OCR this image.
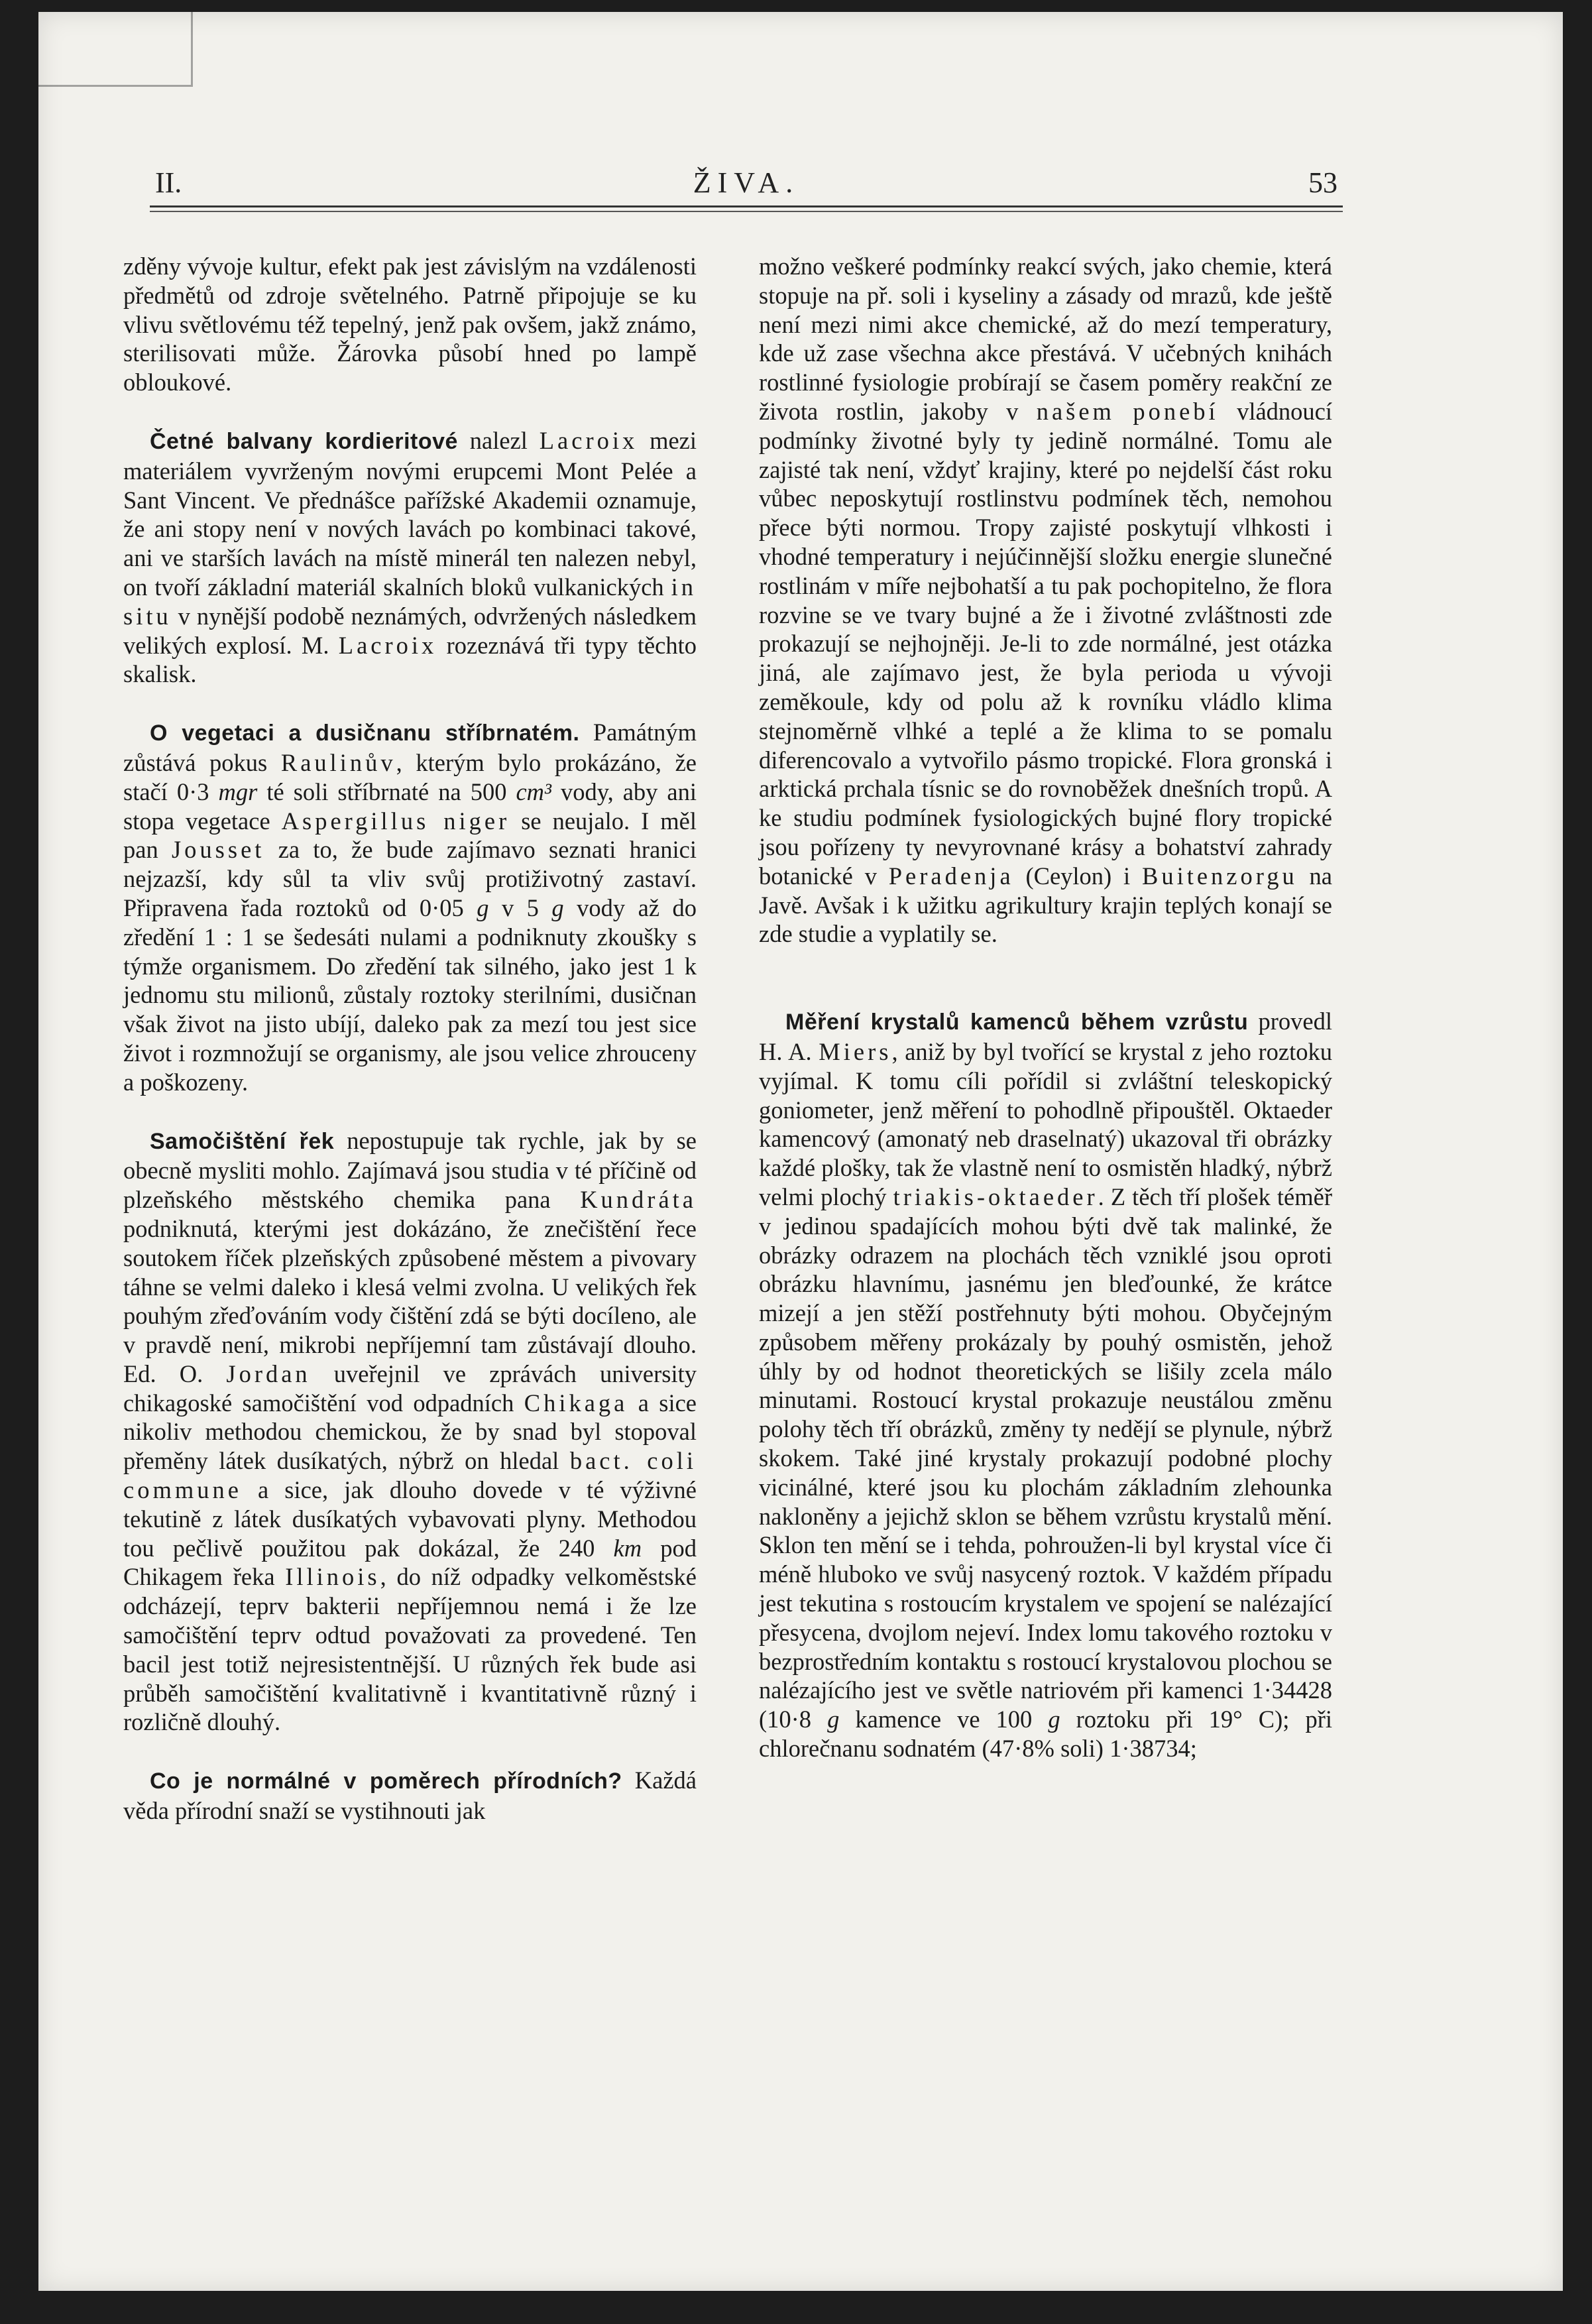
II.	ŽIVA.	53

zděny vývoje kultur, efekt pak jest závislým na vzdálenosti předmětů od zdroje světelného. Patrně připojuje se ku vlivu světlovému též tepelný, jenž pak ovšem, jakž známo, sterilisovati může. Žárovka působí hned po lampě obloukové.

Četné balvany kordieritové nalezl Lacroix mezi materiálem vyvrženým novými erupcemi Mont Pelée a Sant Vincent. Ve přednášce pařížské Akademii oznamuje, že ani stopy není v nových lavách po kombinaci takové, ani ve starších lavách na místě minerál ten nalezen nebyl, on tvoří základní materiál skalních bloků vulkanických in situ v nynější podobě neznámých, odvržených následkem velikých explosí. M. Lacroix rozeznává tři typy těchto skalisk.

O vegetaci a dusičnanu stříbrnatém. Památným zůstává pokus Raulinův, kterým bylo prokázáno, že stačí 0·3 mgr té soli stříbrnaté na 500 cm³ vody, aby ani stopa vegetace Aspergillus niger se neujalo. I měl pan Jousset za to, že bude zajímavo seznati hranici nejzazší, kdy sůl ta vliv svůj protiživotný zastaví. Připravena řada roztoků od 0·05 g v 5 g vody až do zředění 1 : 1 se šedesáti nulami a podniknuty zkoušky s týmže organismem. Do zředění tak silného, jako jest 1 k jednomu stu milionů, zůstaly roztoky sterilními, dusičnan však život na jisto ubíjí, daleko pak za mezí tou jest sice život i rozmnožují se organismy, ale jsou velice zhrouceny a poškozeny.

Samočištění řek nepostupuje tak rychle, jak by se obecně mysliti mohlo. Zajímavá jsou studia v té příčině od plzeňského městského chemika pana Kundráta podniknutá, kterými jest dokázáno, že znečištění řece soutokem říček plzeňských způsobené městem a pivovary táhne se velmi daleko i klesá velmi zvolna. U velikých řek pouhým zřeďováním vody čištění zdá se býti docíleno, ale v pravdě není, mikrobi nepříjemní tam zůstávají dlouho. Ed. O. Jordan uveřejnil ve zprávách university chikagoské samočištění vod odpadních Chikaga a sice nikoliv methodou chemickou, že by snad byl stopoval přeměny látek dusíkatých, nýbrž on hledal bact. coli commune a sice, jak dlouho dovede v té výživné tekutině z látek dusíkatých vybavovati plyny. Methodou tou pečlivě použitou pak dokázal, že 240 km pod Chikagem řeka Illinois, do níž odpadky velkoměstské odcházejí, teprv bakterii nepříjemnou nemá i že lze samočištění teprv odtud považovati za provedené. Ten bacil jest totiž nejresistentnější. U různých řek bude asi průběh samočištění kvalitativně i kvantitativně různý i rozličně dlouhý.

Co je normálné v poměrech přírodních? Každá věda přírodní snaží se vystihnouti jak

možno veškeré podmínky reakcí svých, jako chemie, která stopuje na př. soli i kyseliny a zásady od mrazů, kde ještě není mezi nimi akce chemické, až do mezí temperatury, kde už zase všechna akce přestává. V učebných knihách rostlinné fysiologie probírají se časem poměry reakční ze života rostlin, jakoby v našem ponebí vládnoucí podmínky životné byly ty jedině normálné. Tomu ale zajisté tak není, vždyť krajiny, které po nejdelší část roku vůbec neposkytují rostlinstvu podmínek těch, nemohou přece býti normou. Tropy zajisté poskytují vlhkosti i vhodné temperatury i nejúčinnější složku energie slunečné rostlinám v míře nejbohatší a tu pak pochopitelno, že flora rozvine se ve tvary bujné a že i životné zvláštnosti zde prokazují se nejhojněji. Je-li to zde normálné, jest otázka jiná, ale zajímavo jest, že byla perioda u vývoji zeměkoule, kdy od polu až k rovníku vládlo klima stejnoměrně vlhké a teplé a že klima to se pomalu diferencovalo a vytvořilo pásmo tropické. Flora gronská i arktická prchala tísnic se do rovnoběžek dnešních tropů. A ke studiu podmínek fysiologických bujné flory tropické jsou pořízeny ty nevyrovnané krásy a bohatství zahrady botanické v Peradenja (Ceylon) i Buitenzorgu na Javě. Avšak i k užitku agrikultury krajin teplých konají se zde studie a vyplatily se.

Měření krystalů kamenců během vzrůstu provedl H. A. Miers, aniž by byl tvořící se krystal z jeho roztoku vyjímal. K tomu cíli pořídil si zvláštní teleskopický goniometer, jenž měření to pohodlně připouštěl. Oktaeder kamencový (amonatý neb draselnatý) ukazoval tři obrázky každé plošky, tak že vlastně není to osmistěn hladký, nýbrž velmi plochý triakis-oktaeder. Z těch tří plošek téměř v jedinou spadajících mohou býti dvě tak malinké, že obrázky odrazem na plochách těch vzniklé jsou oproti obrázku hlavnímu, jasnému jen bleďounké, že krátce mizejí a jen stěží postřehnuty býti mohou. Obyčejným způsobem měřeny prokázaly by pouhý osmistěn, jehož úhly by od hodnot theoretických se lišily zcela málo minutami. Rostoucí krystal prokazuje neustálou změnu polohy těch tří obrázků, změny ty nedějí se plynule, nýbrž skokem. Také jiné krystaly prokazují podobné plochy vicinálné, které jsou ku plochám základním zlehounka nakloněny a jejichž sklon se během vzrůstu krystalů mění. Sklon ten mění se i tehda, pohroužen-li byl krystal více či méně hluboko ve svůj nasycený roztok. V každém případu jest tekutina s rostoucím krystalem ve spojení se nalézající přesycena, dvojlom nejeví. Index lomu takového roztoku v bezprostředním kontaktu s rostoucí krystalovou plochou se nalézajícího jest ve světle natriovém při kamenci 1·34428 (10·8 g kamence ve 100 g roztoku při 19° C); při chlorečnanu sodnatém (47·8% soli) 1·38734;
